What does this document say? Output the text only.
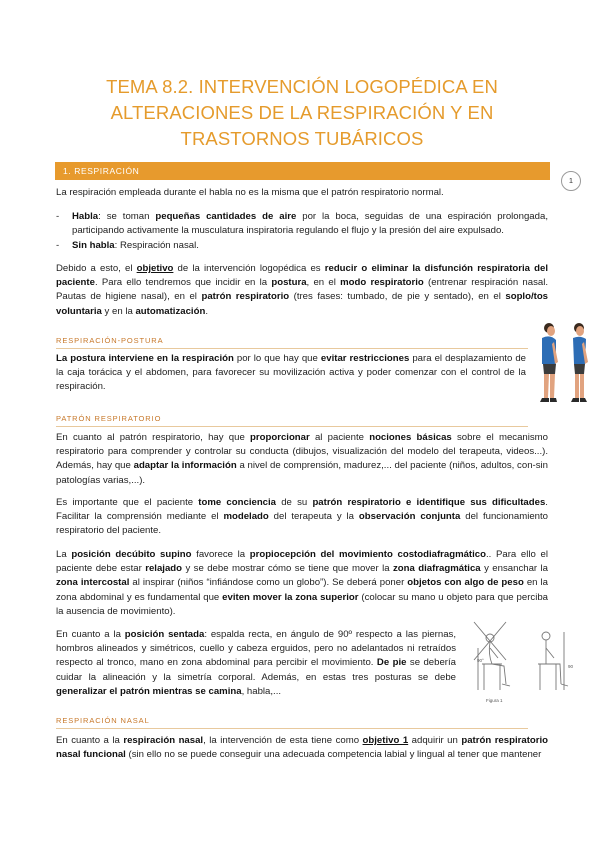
TEMA 8.2. INTERVENCIÓN LOGOPÉDICA EN
ALTERACIONES DE LA RESPIRACIÓN Y EN
TRASTORNOS TUBÁRICOS
1. RESPIRACIÓN
1
La respiración empleada durante el habla no es la misma que el patrón respiratorio normal.
- Habla: se toman pequeñas cantidades de aire por la boca, seguidas de una espiración prolongada, participando activamente la musculatura inspiratoria regulando el flujo y la presión del aire expulsado.
- Sin habla: Respiración nasal.
Debido a esto, el objetivo de la intervención logopédica es reducir o eliminar la disfunción respiratoria del paciente. Para ello tendremos que incidir en la postura, en el modo respiratorio (entrenar respiración nasal. Pautas de higiene nasal), en el patrón respiratorio (tres fases: tumbado, de pie y sentado), en el soplo/tos voluntaria y en la automatización.
RESPIRACIÓN-POSTURA
La postura interviene en la respiración por lo que hay que evitar restricciones para el desplazamiento de la caja torácica y el abdomen, para favorecer su movilización activa y poder comenzar con el control de la respiración.
PATRÓN RESPIRATORIO
En cuanto al patrón respiratorio, hay que proporcionar al paciente nociones básicas sobre el mecanismo respiratorio para comprender y controlar su conducta (dibujos, visualización del modelo del terapeuta, videos...). Además, hay que adaptar la información a nivel de comprensión, madurez,... del paciente (niños, adultos, con-sin patologías varias,...).
Es importante que el paciente tome conciencia de su patrón respiratorio e identifique sus dificultades. Facilitar la comprensión mediante el modelado del terapeuta y la observación conjunta del funcionamiento respiratorio del paciente.
La posición decúbito supino favorece la propiocepción del movimiento costodiafragmático.. Para ello el paciente debe estar relajado y se debe mostrar cómo se tiene que mover la zona diafragmática y ensanchar la zona intercostal al inspirar (niños “infiándose como un globo”). Se deberá poner objetos con algo de peso en la zona abdominal y es fundamental que eviten mover la zona superior (colocar su mano u objeto para que perciba la ausencia de movimiento).
En cuanto a la posición sentada: espalda recta, en ángulo de 90º respecto a las piernas, hombros alineados y simétricos, cuello y cabeza erguidos, pero no adelantados ni retraídos respecto al tronco, mano en zona abdominal para percibir el movimiento. De pie se debería cuidar la alineación y la simetría corporal. Además, en estas tres posturas se debe generalizar el patrón mientras se camina, habla,...
90°
90
Figura 1
RESPIRACIÓN NASAL
En cuanto a la respiración nasal, la intervención de esta tiene como objetivo 1 adquirir un patrón respiratorio nasal funcional (sin ello no se puede conseguir una adecuada competencia labial y lingual al tener que mantener
